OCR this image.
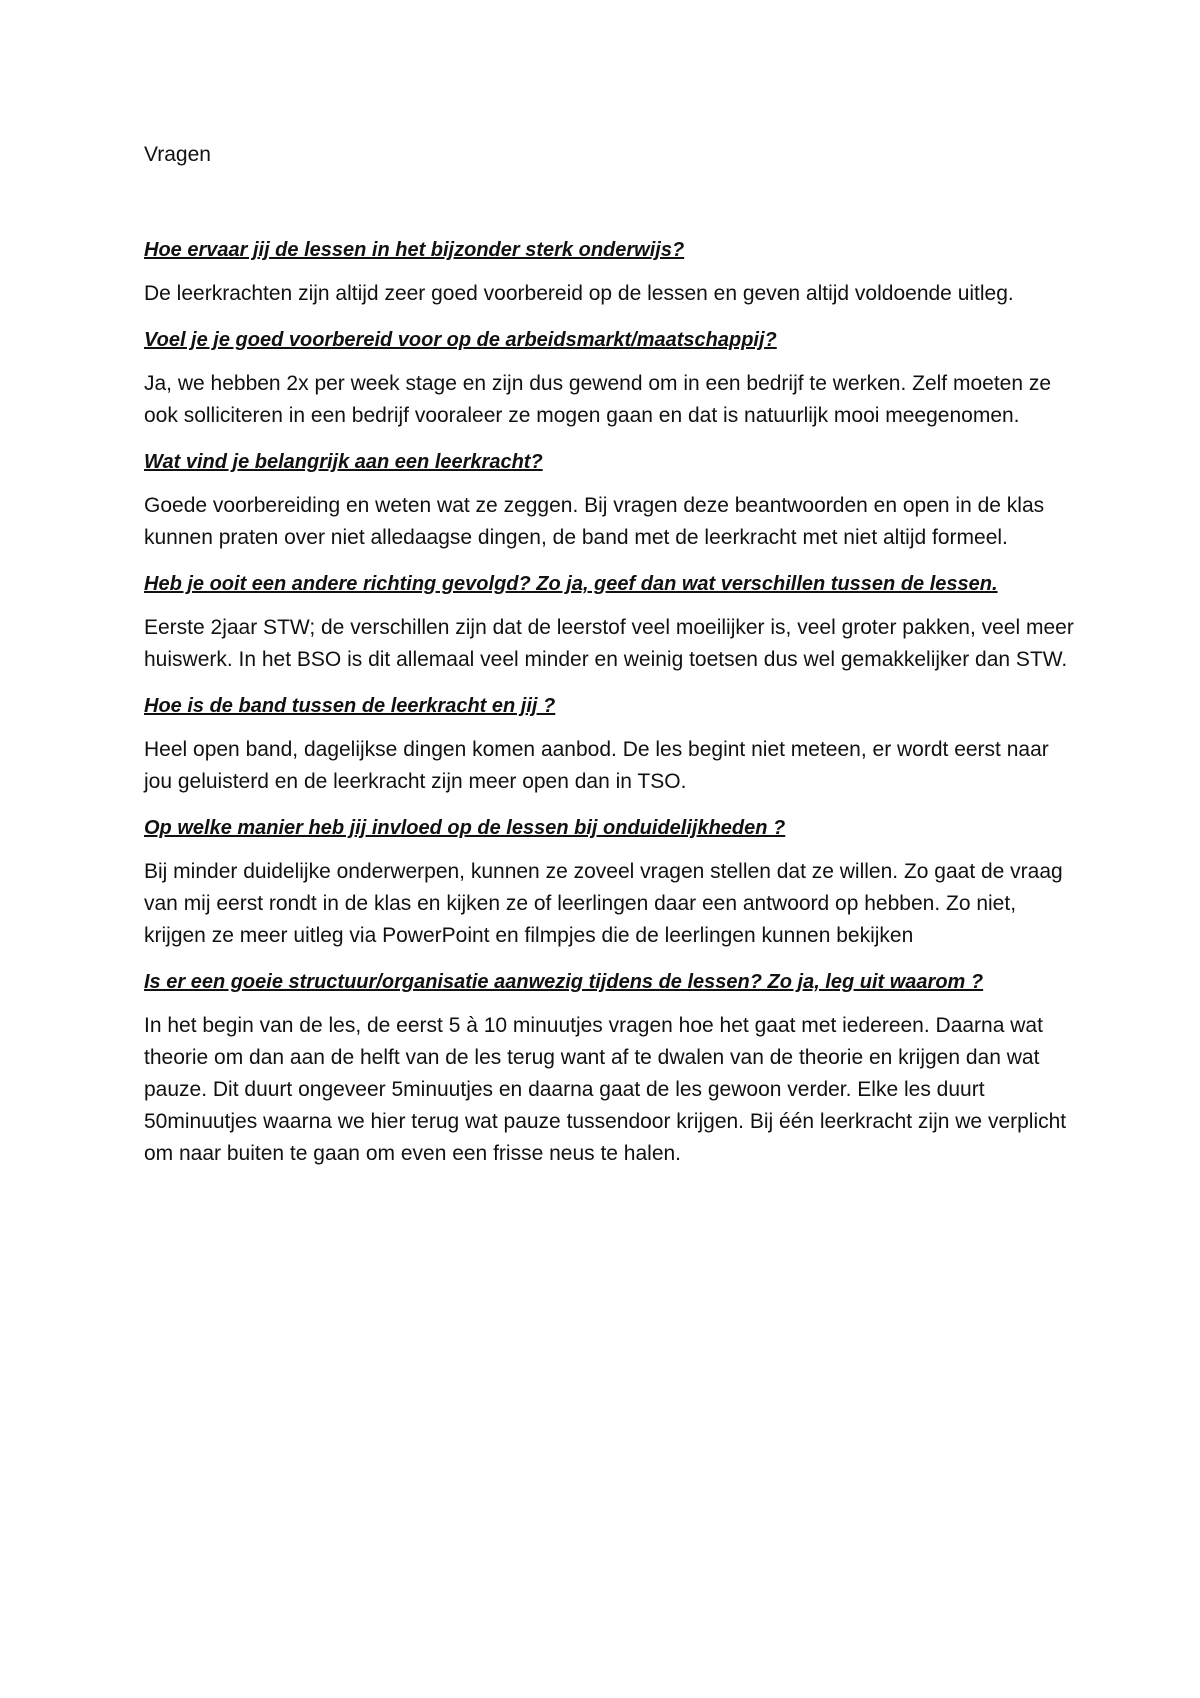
Vragen
Hoe ervaar jij de lessen in het bijzonder sterk onderwijs?
De leerkrachten zijn altijd zeer goed voorbereid op de lessen en geven altijd voldoende uitleg.
Voel je je goed voorbereid voor op de arbeidsmarkt/maatschappij?
Ja, we hebben 2x per week stage en zijn dus gewend om in een bedrijf te werken. Zelf moeten ze ook solliciteren in een bedrijf vooraleer ze mogen gaan en dat is natuurlijk mooi meegenomen.
Wat vind je belangrijk aan een leerkracht?
Goede voorbereiding en weten wat ze zeggen. Bij vragen deze beantwoorden en open in de klas kunnen praten over niet alledaagse dingen, de band met de leerkracht met niet altijd formeel.
Heb je ooit een andere richting gevolgd? Zo ja, geef dan wat verschillen tussen de lessen.
Eerste 2jaar STW; de verschillen zijn dat de leerstof veel moeilijker is, veel groter pakken, veel meer huiswerk. In het BSO is dit allemaal veel minder en weinig toetsen dus wel gemakkelijker dan STW.
Hoe is de band tussen de leerkracht en jij ?
Heel open band, dagelijkse dingen komen aanbod. De les begint niet meteen, er wordt eerst naar jou geluisterd en de leerkracht zijn meer open dan in TSO.
Op welke manier heb jij invloed op de lessen bij onduidelijkheden ?
Bij minder duidelijke onderwerpen, kunnen ze zoveel vragen stellen dat ze willen. Zo gaat de vraag van mij eerst rondt in de klas en kijken ze of leerlingen daar een antwoord op hebben. Zo niet, krijgen ze meer uitleg via PowerPoint en filmpjes die de leerlingen kunnen bekijken
Is er een goeie structuur/organisatie aanwezig tijdens de lessen? Zo ja, leg uit waarom ?
In het begin van de les, de eerst 5 à 10 minuutjes vragen hoe het gaat met iedereen. Daarna wat theorie om dan aan de helft van de les terug want af te dwalen van de theorie en krijgen dan wat pauze. Dit duurt ongeveer 5minuutjes en daarna gaat de les gewoon verder. Elke les duurt 50minuutjes waarna we hier terug wat pauze tussendoor krijgen. Bij één leerkracht zijn we verplicht om naar buiten te gaan om even een frisse neus te halen.
